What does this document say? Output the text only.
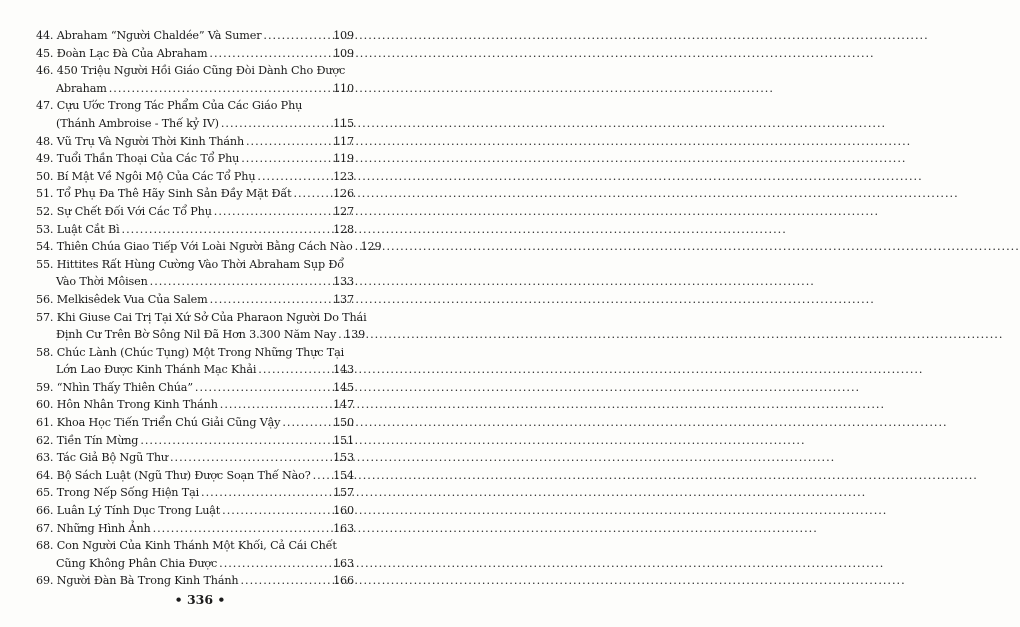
44. Abraham “Người Chaldée” Và Sumer .....	109
45. Đoàn Lạc Đà Của Abraham .....	109
46. 450 Triệu Người Hồi Giáo Cũng Đòi Dành Cho Được
Abraham .....	110
47. Cựu Ước Trong Tác Phẩm Của Các Giáo Phụ
(Thánh Ambroise - Thế kỷ IV) .....	115
48. Vũ Trụ Và Người Thời Kinh Thánh .....	117
49. Tuổi Thần Thoại Của Các Tổ Phụ .....	119
50. Bí Mật Về Ngôi Mộ Của Các Tổ Phụ .....	123
51. Tổ Phụ Đa Thê Hãy Sinh Sản Đầy Mặt Đất .....	126
52. Sự Chết Đối Với Các Tổ Phụ .....	127
53. Luật Cắt Bì .....	128
54. Thiên Chúa Giao Tiếp Với Loài Người Bằng Cách Nào ..... 129
55. Hittites Rất Hùng Cường Vào Thời Abraham Sụp Đổ
Vào Thời Môisen .....	133
56. Melkisêdek Vua Của Salem .....	137
57. Khi Giuse Cai Trị Tại Xứ Sở Của Pharaon Người Do Thái
Định Cư Trên Bờ Sông Nil Đã Hơn 3.300 Năm Nay ..... 139
58. Chúc Lành (Chúc Tụng) Một Trong Những Thực Tại
Lớn Lao Được Kinh Thánh Mạc Khải .....	143
59. “Nhìn Thấy Thiên Chúa” .....	145
60. Hôn Nhân Trong Kinh Thánh .....	147
61. Khoa Học Tiến Triển Chú Giải Cũng Vậy .....	150
62. Tiền Tín Mừng .....	151
63. Tác Giả Bộ Ngũ Thư .....	153
64. Bộ Sách Luật (Ngũ Thư) Được Soạn Thế Nào? ..... 154
65. Trong Nếp Sống Hiện Tại .....	157
66. Luân Lý Tính Dục Trong Luật .....	160
67. Những Hình Ảnh .....	163
68. Con Người Của Kinh Thánh Một Khối, Cả Cái Chết
Cũng Không Phân Chia Được .....	163
69. Người Đàn Bà Trong Kinh Thánh .....	166
• 336 •
